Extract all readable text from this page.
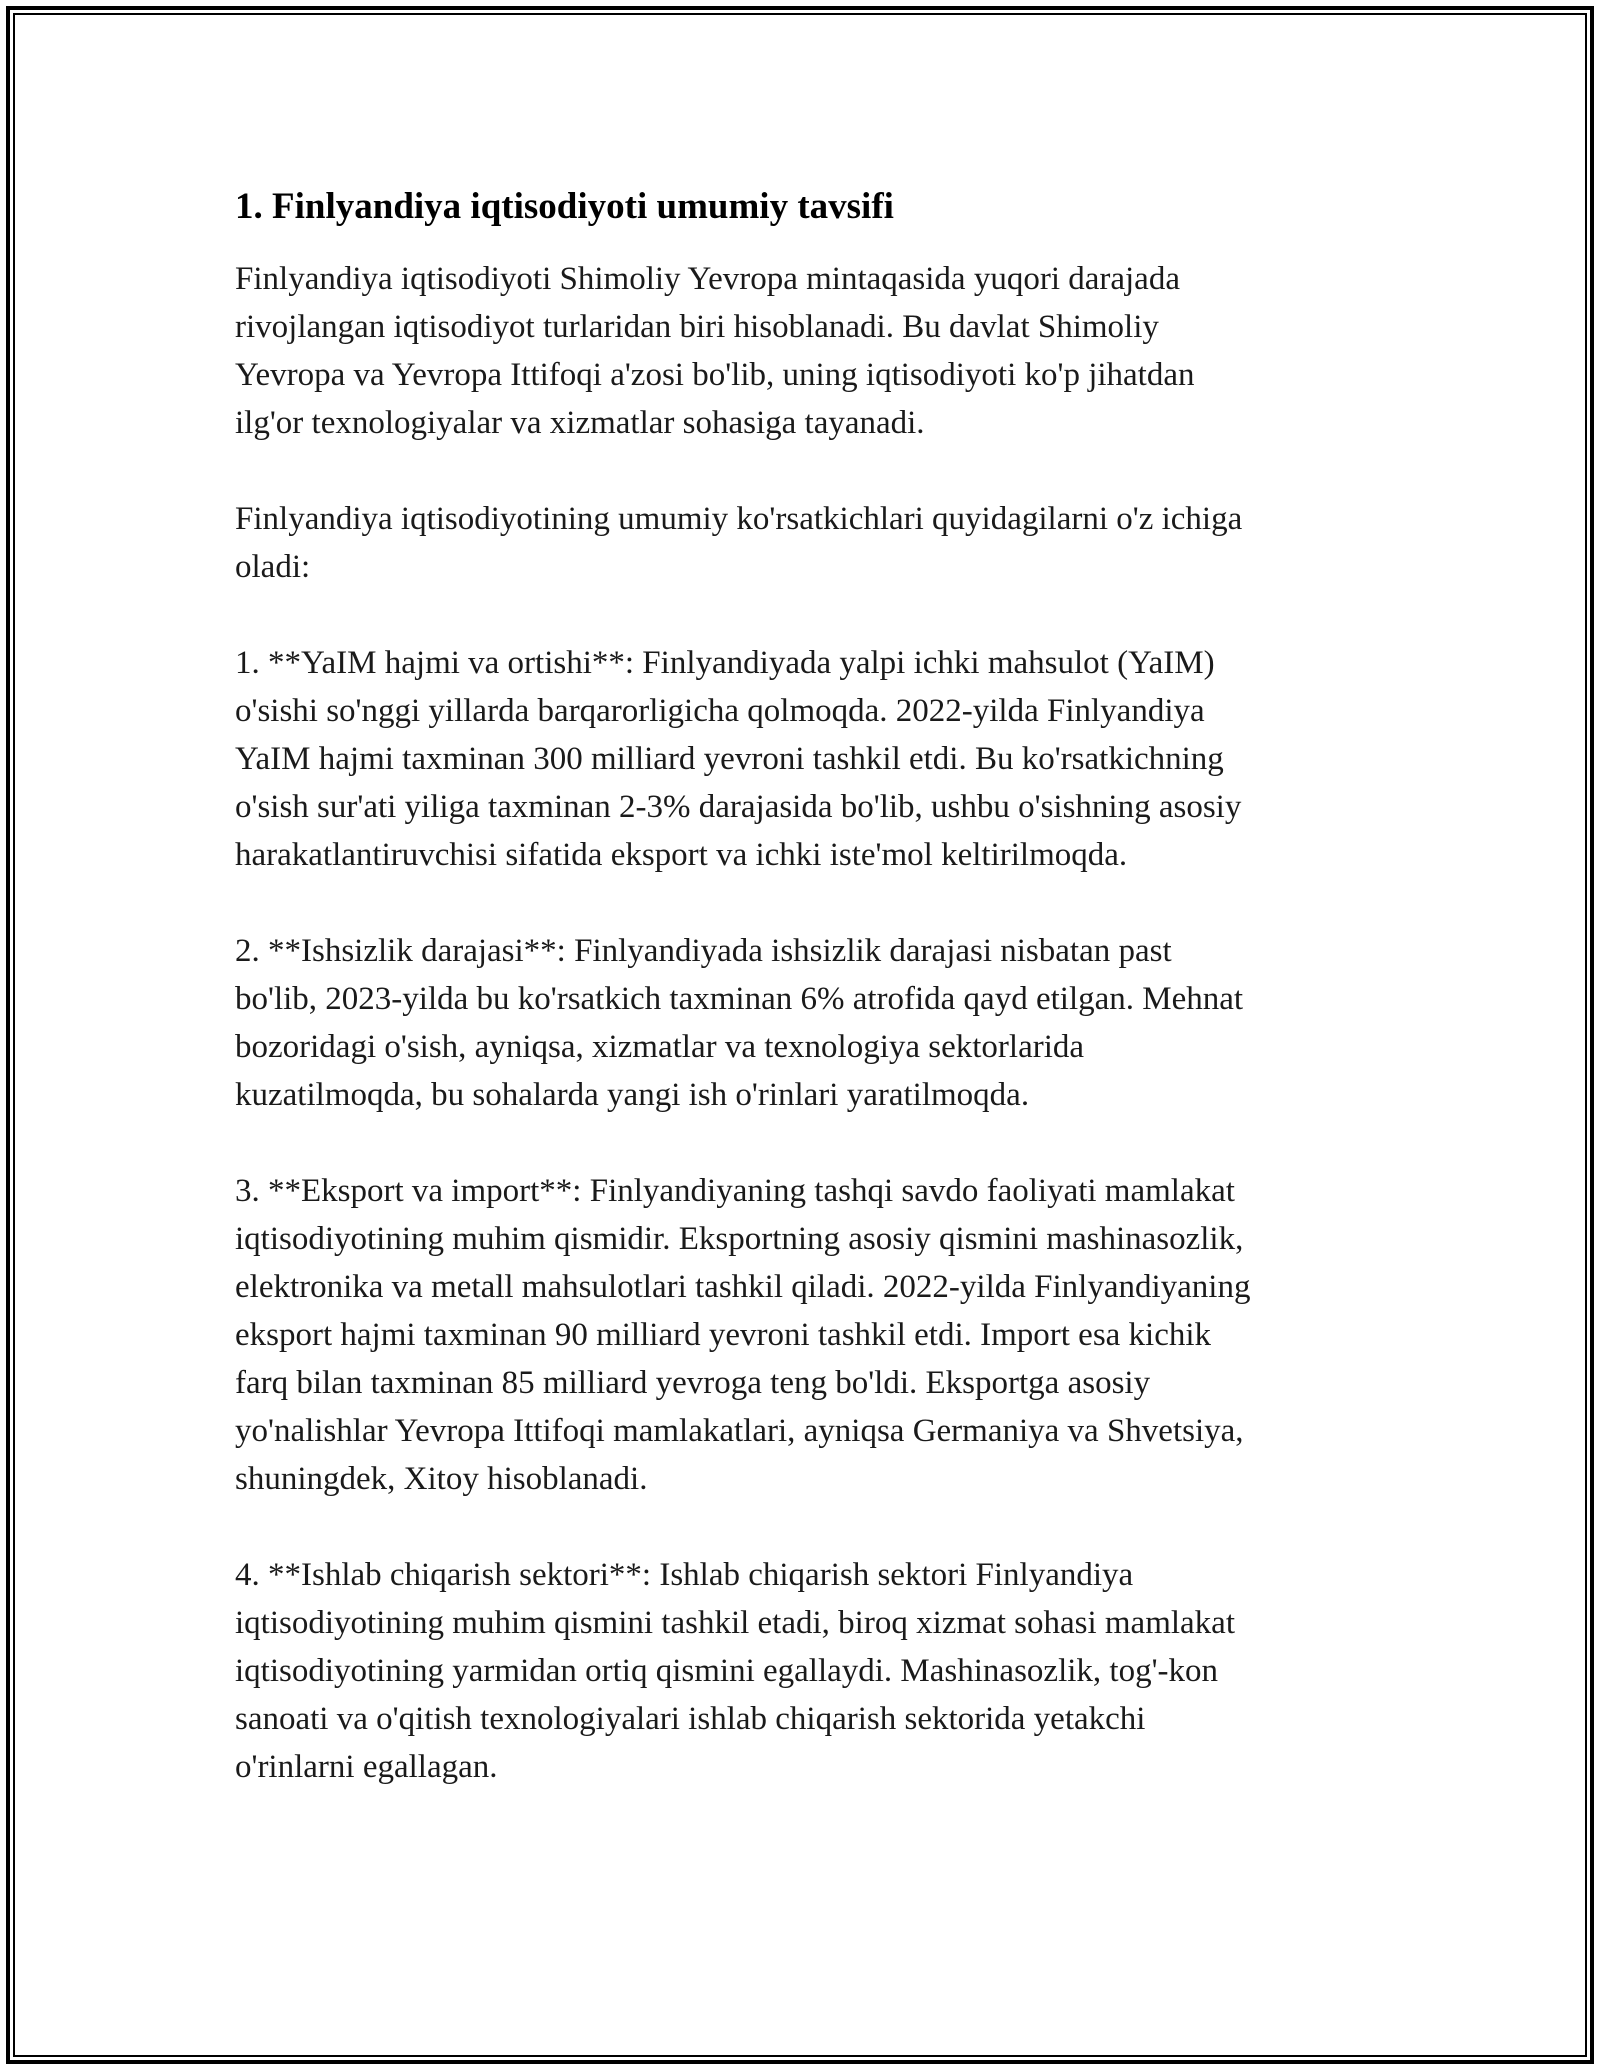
1. Finlyandiya iqtisodiyoti umumiy tavsifi

Finlyandiya iqtisodiyoti Shimoliy Yevropa mintaqasida yuqori darajada
rivojlangan iqtisodiyot turlaridan biri hisoblanadi. Bu davlat Shimoliy
Yevropa va Yevropa Ittifoqi a'zosi bo'lib, uning iqtisodiyoti ko'p jihatdan
ilg'or texnologiyalar va xizmatlar sohasiga tayanadi.

Finlyandiya iqtisodiyotining umumiy ko'rsatkichlari quyidagilarni o'z ichiga
oladi:

1. **YaIM hajmi va ortishi**: Finlyandiyada yalpi ichki mahsulot (YaIM)
o'sishi so'nggi yillarda barqarorligicha qolmoqda. 2022-yilda Finlyandiya
YaIM hajmi taxminan 300 milliard yevroni tashkil etdi. Bu ko'rsatkichning
o'sish sur'ati yiliga taxminan 2-3% darajasida bo'lib, ushbu o'sishning asosiy
harakatlantiruvchisi sifatida eksport va ichki iste'mol keltirilmoqda.

2. **Ishsizlik darajasi**: Finlyandiyada ishsizlik darajasi nisbatan past
bo'lib, 2023-yilda bu ko'rsatkich taxminan 6% atrofida qayd etilgan. Mehnat
bozoridagi o'sish, ayniqsa, xizmatlar va texnologiya sektorlarida
kuzatilmoqda, bu sohalarda yangi ish o'rinlari yaratilmoqda.

3. **Eksport va import**: Finlyandiyaning tashqi savdo faoliyati mamlakat
iqtisodiyotining muhim qismidir. Eksportning asosiy qismini mashinasozlik,
elektronika va metall mahsulotlari tashkil qiladi. 2022-yilda Finlyandiyaning
eksport hajmi taxminan 90 milliard yevroni tashkil etdi. Import esa kichik
farq bilan taxminan 85 milliard yevroga teng bo'ldi. Eksportga asosiy
yo'nalishlar Yevropa Ittifoqi mamlakatlari, ayniqsa Germaniya va Shvetsiya,
shuningdek, Xitoy hisoblanadi.

4. **Ishlab chiqarish sektori**: Ishlab chiqarish sektori Finlyandiya
iqtisodiyotining muhim qismini tashkil etadi, biroq xizmat sohasi mamlakat
iqtisodiyotining yarmidan ortiq qismini egallaydi. Mashinasozlik, tog'-kon
sanoati va o'qitish texnologiyalari ishlab chiqarish sektorida yetakchi
o'rinlarni egallagan.
